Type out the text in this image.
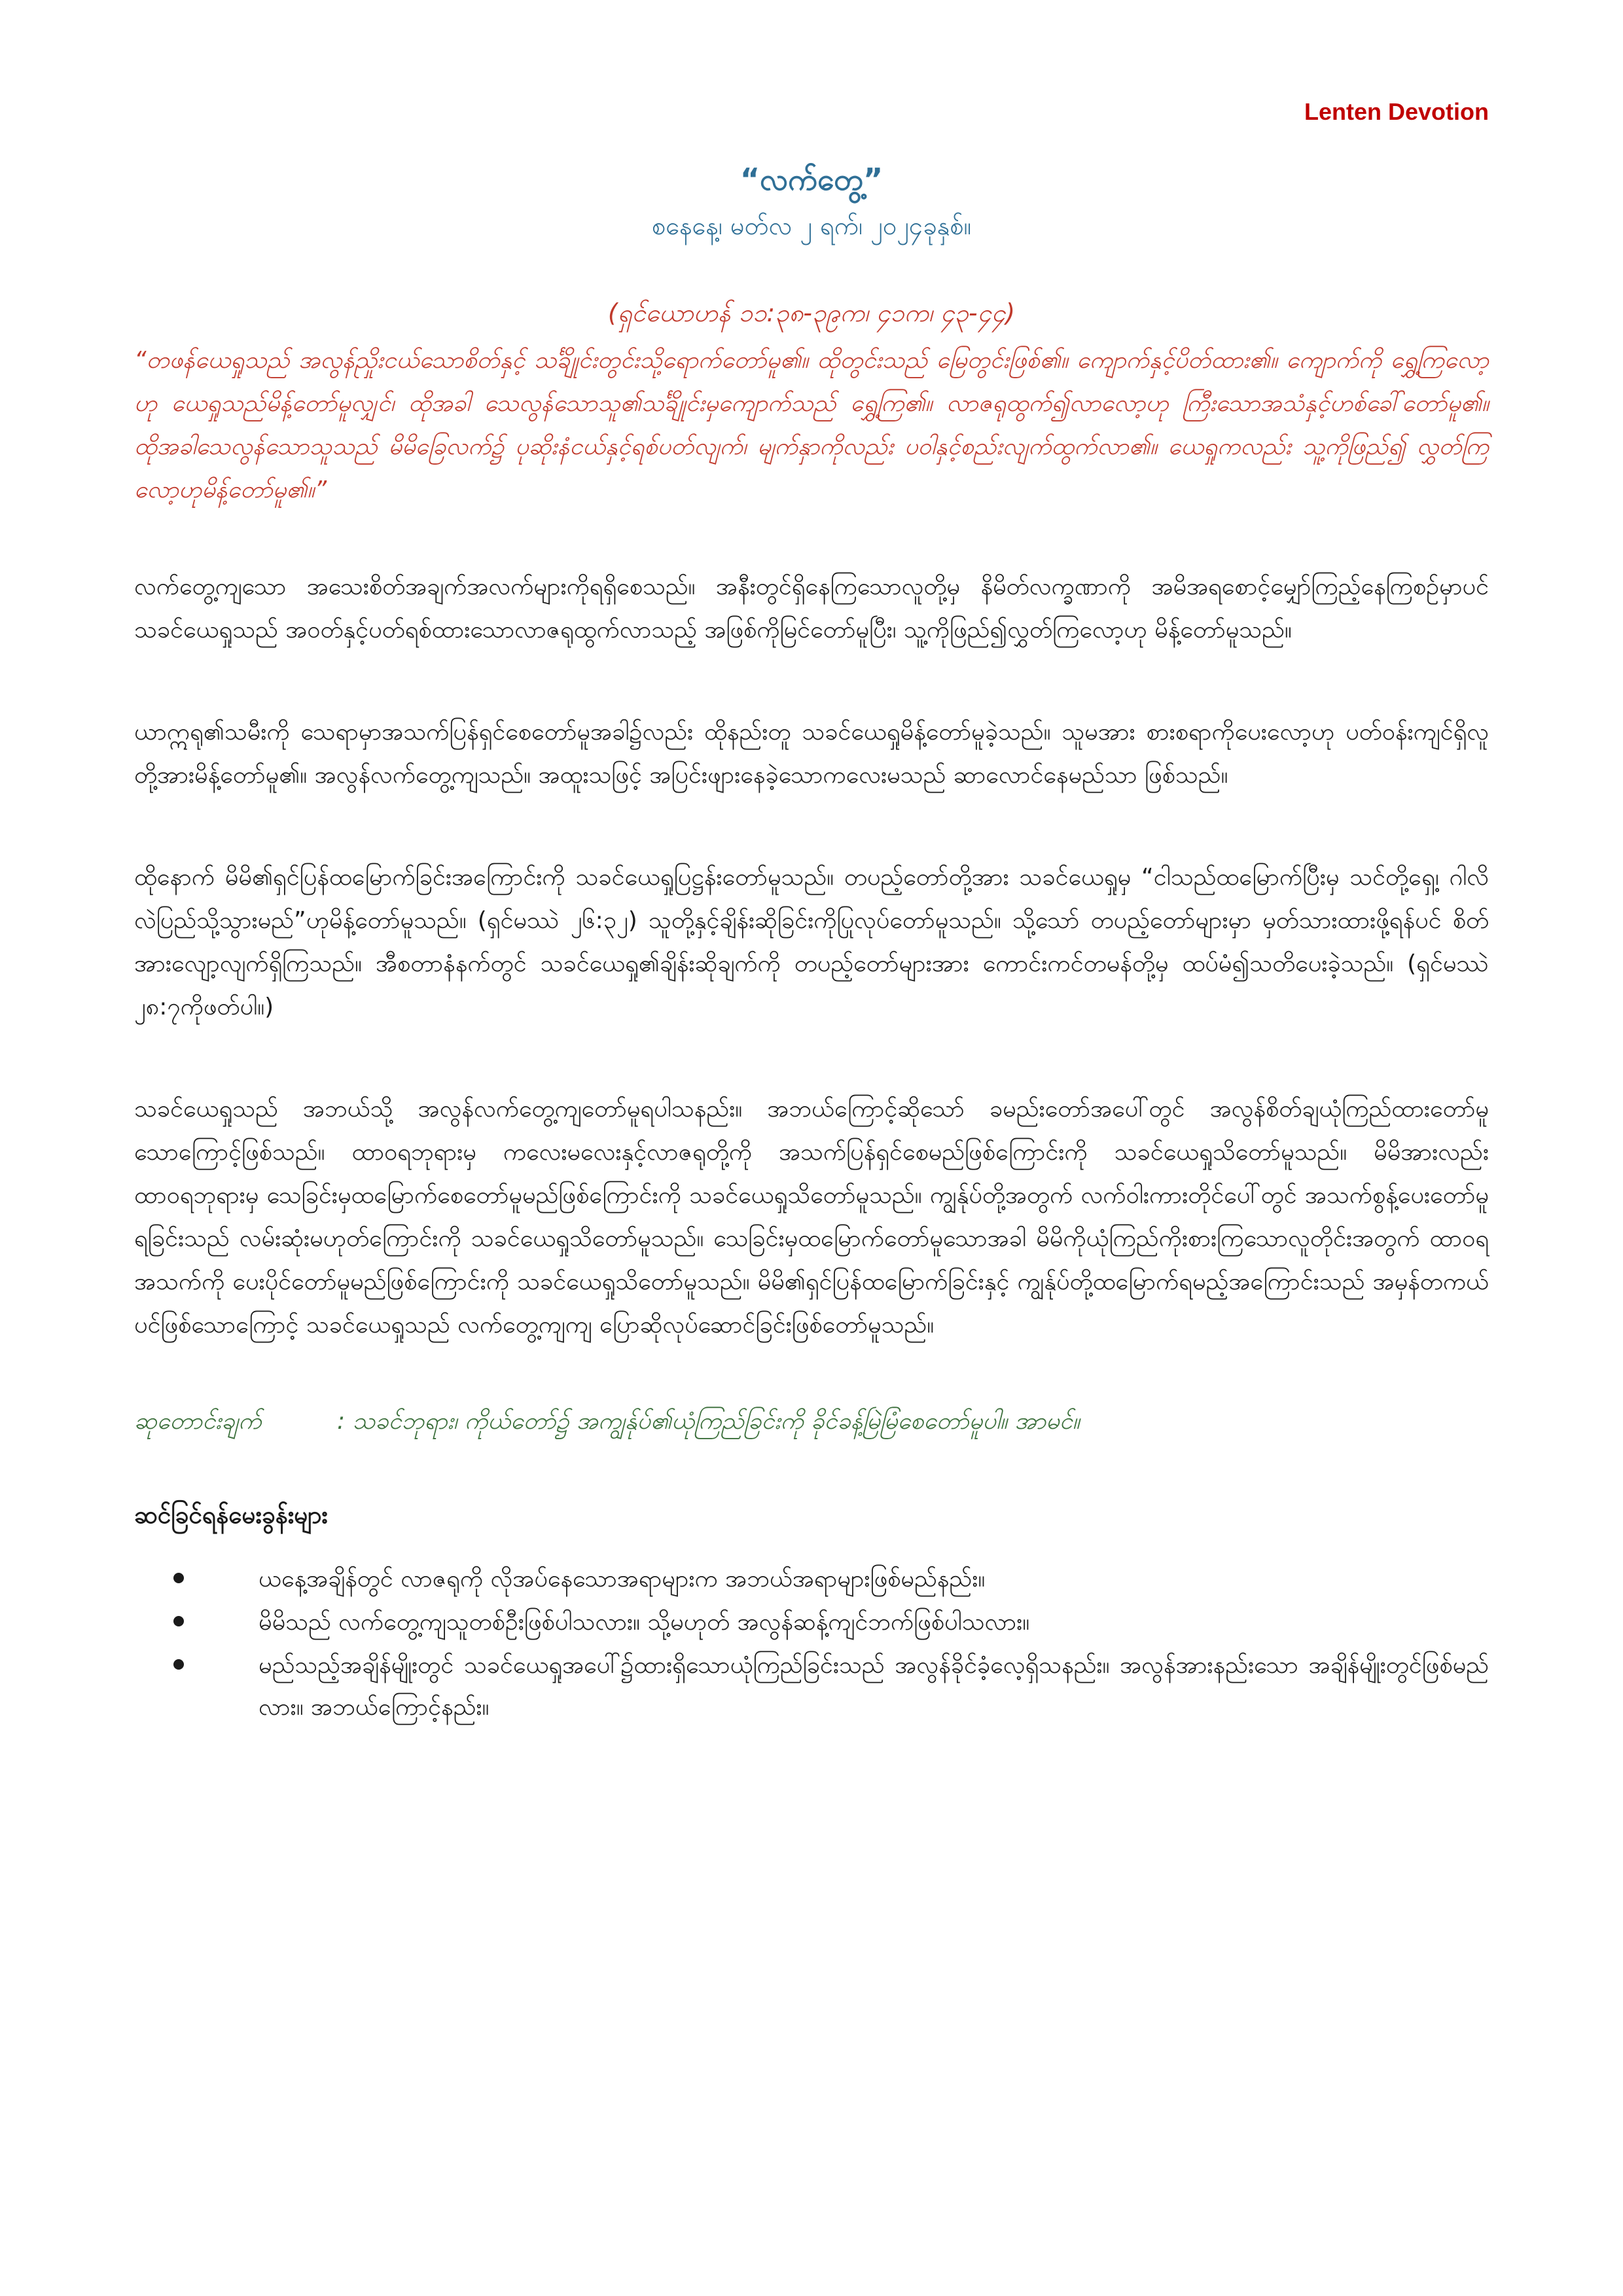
Lenten Devotion

“လက်တွေ့”

စနေနေ့၊ မတ်လ ၂ ရက်၊ ၂၀၂၄ခုနှစ်။

(ရှင်ယောဟန် ၁၁:၃၈-၃၉က၊ ၄၁က၊ ၄၃-၄၄)

“တဖန်ယေရှုသည် အလွန်ညှိုးငယ်သောစိတ်နှင့် သင်္ချိုင်းတွင်းသို့ရောက်တော်မူ၏။ ထိုတွင်းသည် မြေတွင်းဖြစ်၏။ ကျောက်နှင့်ပိတ်ထား၏။ ကျောက်ကို ရွှေ့ကြလော့ဟု ယေရှုသည်မိန့်တော်မူလျှင်၊ ထိုအခါ သေလွန်သောသူ၏သင်္ချိုင်းမှကျောက်သည် ရွှေ့ကြ၏။ လာဇရုထွက်၍လာလော့ဟု ကြီးသောအသံနှင့်ဟစ်ခေါ်တော်မူ၏။ ထိုအခါသေလွန်သောသူသည် မိမိခြေလက်၌ ပုဆိုးနံငယ်နှင့်ရစ်ပတ်လျက်၊ မျက်နှာကိုလည်း ပဝါနှင့်စည်းလျက်ထွက်လာ၏။ ယေရှုကလည်း သူ့ကိုဖြည်၍ လွှတ်ကြလော့ဟုမိန့်တော်မူ၏။”

လက်တွေ့ကျသော အသေးစိတ်အချက်အလက်များကိုရရှိစေသည်။ အနီးတွင်ရှိနေကြသောလူတို့မှ နိမိတ်လက္ခဏာကို အမိအရစောင့်မျှော်ကြည့်နေကြစဉ်မှာပင် သခင်ယေရှုသည် အဝတ်နှင့်ပတ်ရစ်ထားသောလာဇရုထွက်လာသည့် အဖြစ်ကိုမြင်တော်မူပြီး၊ သူ့ကိုဖြည်၍လွှတ်ကြလော့ဟု မိန့်တော်မူသည်။

ယာဣရု၏သမီးကို သေရာမှာအသက်ပြန်ရှင်စေတော်မူအခါ၌လည်း ထိုနည်းတူ သခင်ယေရှုမိန့်တော်မူခဲ့သည်။ သူမအား စားစရာကိုပေးလော့ဟု ပတ်ဝန်းကျင်ရှိလူတို့အားမိန့်တော်မူ၏။ အလွန်လက်တွေ့ကျသည်။ အထူးသဖြင့် အပြင်းဖျားနေခဲ့သောကလေးမသည် ဆာလောင်နေမည်သာ ဖြစ်သည်။

ထိုနောက် မိမိ၏ရှင်ပြန်ထမြောက်ခြင်းအကြောင်းကို သခင်ယေရှုပြဋ္ဌန်းတော်မူသည်။ တပည့်တော်တို့အား သခင်ယေရှုမှ “ငါသည်ထမြောက်ပြီးမှ သင်တို့ရှေ့၊ ဂါလိလဲပြည်သို့သွားမည်”ဟုမိန့်တော်မူသည်။ (ရှင်မဿဲ ၂၆:၃၂) သူတို့နှင့်ချိန်းဆိုခြင်းကိုပြုလုပ်တော်မူသည်။ သို့သော် တပည့်တော်များမှာ မှတ်သားထားဖို့ရန်ပင် စိတ်အားလျော့လျက်ရှိကြသည်။ အီစတာနံနက်တွင် သခင်ယေရှု၏ချိန်းဆိုချက်ကို တပည့်တော်များအား ကောင်းကင်တမန်တို့မှ ထပ်မံ၍သတိပေးခဲ့သည်။ (ရှင်မဿဲ ၂၈:၇ကိုဖတ်ပါ။)

သခင်ယေရှုသည် အဘယ်သို့ အလွန်လက်တွေ့ကျတော်မူရပါသနည်း။ အဘယ်ကြောင့်ဆိုသော် ခမည်းတော်အပေါ်တွင် အလွန်စိတ်ချယုံကြည်ထားတော်မူသောကြောင့်ဖြစ်သည်။ ထာဝရဘုရားမှ ကလေးမလေးနှင့်လာဇရုတို့ကို အသက်ပြန်ရှင်စေမည်ဖြစ်ကြောင်းကို သခင်ယေရှုသိတော်မူသည်။ မိမိအားလည်း ထာဝရဘုရားမှ သေခြင်းမှထမြောက်စေတော်မူမည်ဖြစ်ကြောင်းကို သခင်ယေရှုသိတော်မူသည်။ ကျွန်ုပ်တို့အတွက် လက်ဝါးကားတိုင်ပေါ်တွင် အသက်စွန့်ပေးတော်မူရခြင်းသည် လမ်းဆုံးမဟုတ်ကြောင်းကို သခင်ယေရှုသိတော်မူသည်။ သေခြင်းမှထမြောက်တော်မူသောအခါ မိမိကိုယုံကြည်ကိုးစားကြသောလူတိုင်းအတွက် ထာဝရအသက်ကို ပေးပိုင်တော်မူမည်ဖြစ်ကြောင်းကို သခင်ယေရှုသိတော်မူသည်။ မိမိ၏ရှင်ပြန်ထမြောက်ခြင်းနှင့် ကျွန်ုပ်တို့ထမြောက်ရမည့်အကြောင်းသည် အမှန်တကယ်ပင်ဖြစ်သောကြောင့် သခင်ယေရှုသည် လက်တွေ့ကျကျ ပြောဆိုလုပ်ဆောင်ခြင်းဖြစ်တော်မူသည်။

ဆုတောင်းချက်	: သခင်ဘုရား၊ ကိုယ်တော်၌ အကျွန်ုပ်၏ယုံကြည်ခြင်းကို ခိုင်ခန့်မြဲမြံစေတော်မူပါ။ အာမင်။

ဆင်ခြင်ရန်မေးခွန်းများ

ယနေ့အချိန်တွင် လာဇရုကို လိုအပ်နေသောအရာများက အဘယ်အရာများဖြစ်မည်နည်း။
မိမိသည် လက်တွေ့ကျသူတစ်ဦးဖြစ်ပါသလား။ သို့မဟုတ် အလွန်ဆန့်ကျင်ဘက်ဖြစ်ပါသလား။
မည်သည့်အချိန်မျိုးတွင် သခင်ယေရှုအပေါ်၌ထားရှိသောယုံကြည်ခြင်းသည် အလွန်ခိုင်ခံ့လေ့ရှိသနည်း။ အလွန်အားနည်းသော အချိန်မျိုးတွင်ဖြစ်မည်လား။ အဘယ်ကြောင့်နည်း။
